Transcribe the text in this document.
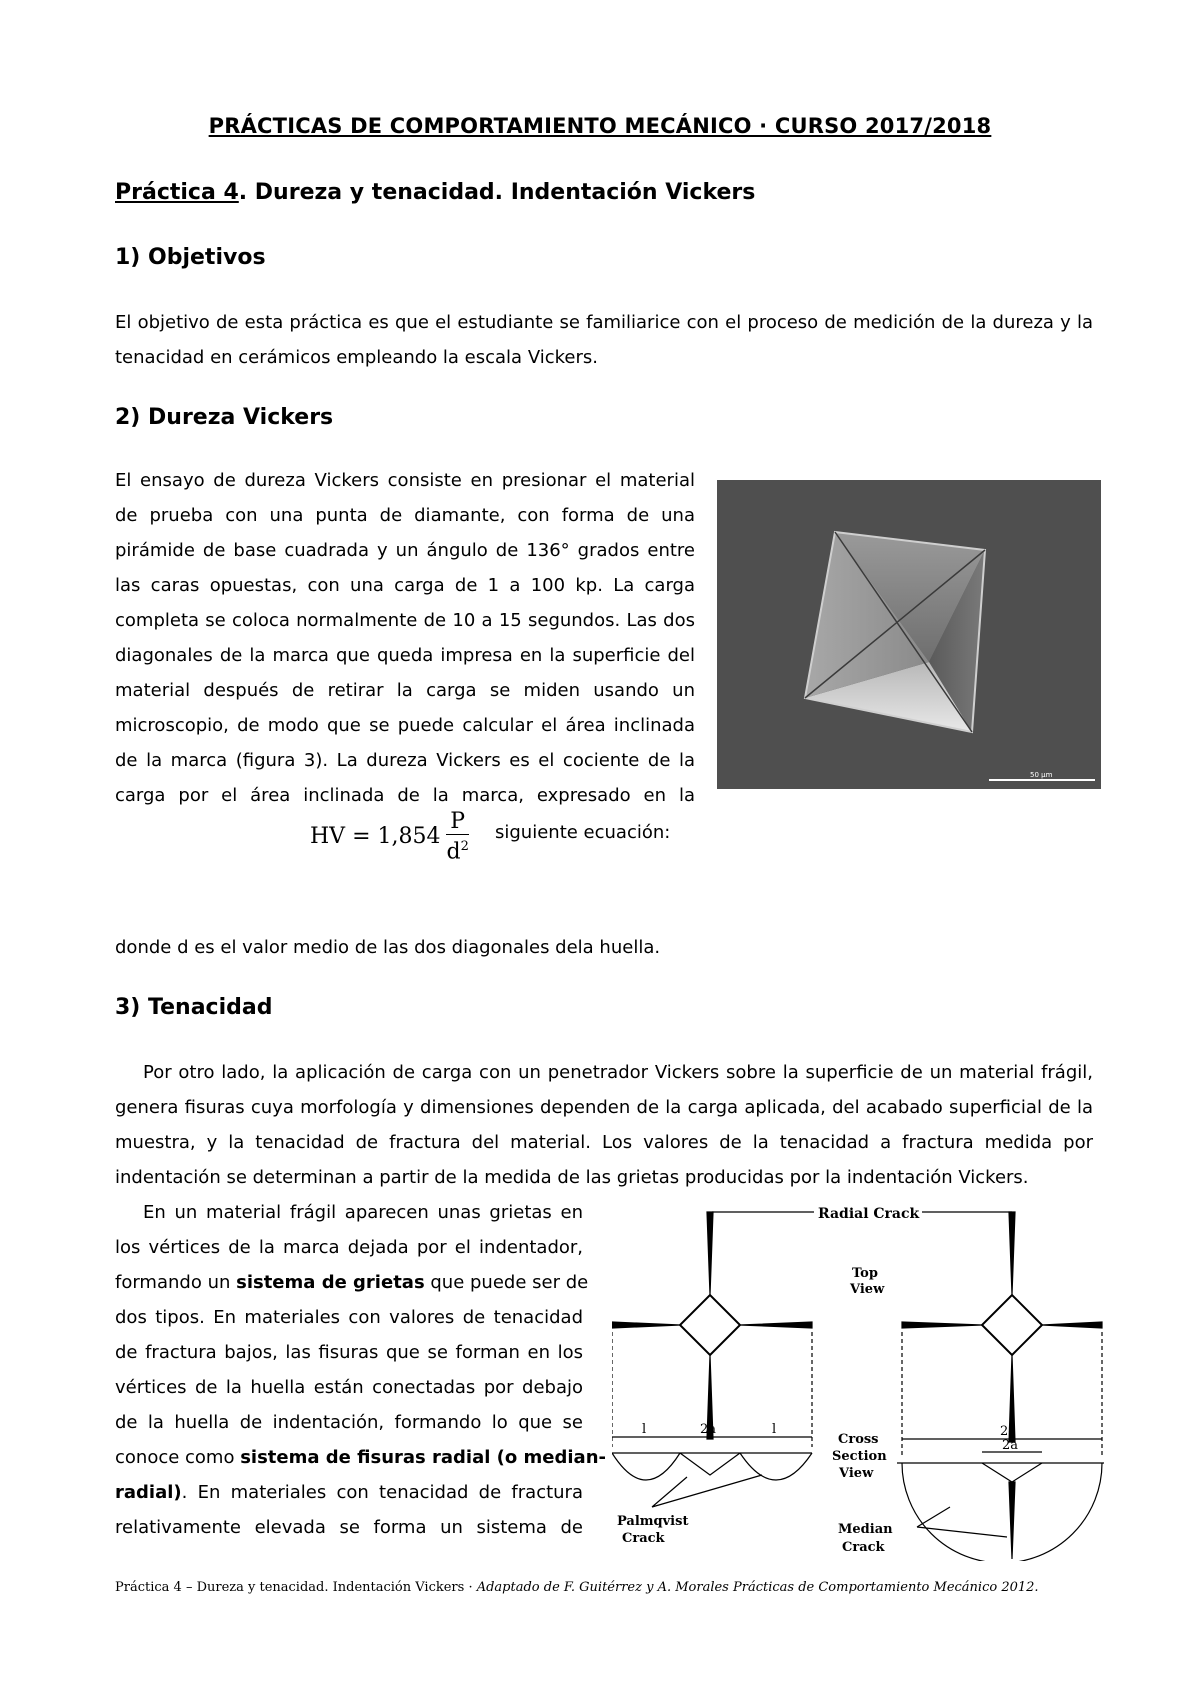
PRÁCTICAS DE COMPORTAMIENTO MECÁNICO · CURSO 2017/2018
Práctica 4. Dureza y tenacidad. Indentación Vickers
1) Objetivos
El objetivo de esta práctica es que el estudiante se familiarice con el proceso de medición de la dureza y la
tenacidad en cerámicos empleando la escala Vickers.
2) Dureza Vickers
El ensayo de dureza Vickers consiste en presionar el material
de prueba con una punta de diamante, con forma de una
pirámide de base cuadrada y un ángulo de 136° grados entre
las caras opuestas, con una carga de 1 a 100 kp. La carga
completa se coloca normalmente de 10 a 15 segundos. Las dos
diagonales de la marca que queda impresa en la superficie del
material después de retirar la carga se miden usando un
microscopio, de modo que se puede calcular el área inclinada
de la marca (figura 3). La dureza Vickers es el cociente de la
carga por el área inclinada de la marca, expresado en la
HV = $1,854 \frac{P}{d^2}$ siguiente ecuación:
donde d es el valor medio de las dos diagonales dela huella.
50 μm
3) Tenacidad
Por otro lado, la aplicación de carga con un penetrador Vickers sobre la superficie de un material frágil,
genera fisuras cuya morfología y dimensiones dependen de la carga aplicada, del acabado superficial de la
muestra, y la tenacidad de fractura del material. Los valores de la tenacidad a fractura medida por
indentación se determinan a partir de la medida de las grietas producidas por la indentación Vickers.
En un material frágil aparecen unas grietas en
los vértices de la marca dejada por el indentador,
formando un sistema de grietas que puede ser de
dos tipos. En materiales con valores de tenacidad
de fractura bajos, las fisuras que se forman en los
vértices de la huella están conectadas por debajo
de la huella de indentación, formando lo que se
conoce como sistema de fisuras radial (o median-
radial). En materiales con tenacidad de fractura
relativamente elevada se forma un sistema de
Radial Crack
Top
View
Cross
Section
View
l	2a	l	2c
2a
Palmqvist
Crack
Median
Crack
Práctica 4 – Dureza y tenacidad. Indentación Vickers · Adaptado de F. Guitérrez y A. Morales Prácticas de Comportamiento Mecánico 2012.
